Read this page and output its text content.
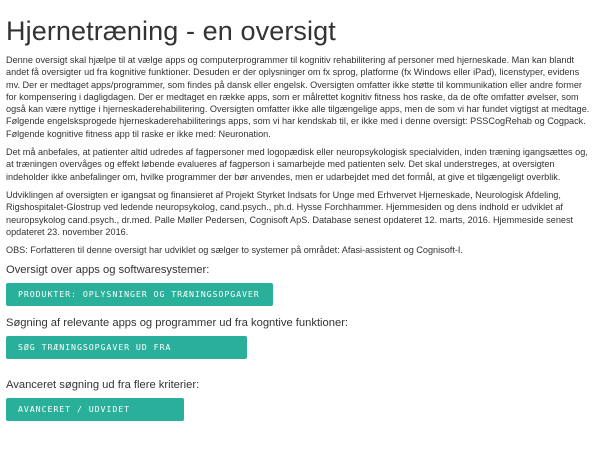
Hjernetræning - en oversigt

Denne oversigt skal hjælpe til at vælge apps og computerprogrammer til kognitiv rehabilitering af personer med hjerneskade. Man kan blandt andet få oversigter ud fra kognitive funktioner. Desuden er der oplysninger om fx sprog, platforme (fx Windows eller iPad), licenstyper, evidens mv. Der er medtaget apps/programmer, som findes på dansk eller engelsk. Oversigten omfatter ikke støtte til kommunikation eller andre former for kompensering i dagligdagen. Der er medtaget en række apps, som er målrettet kognitiv fitness hos raske, da de ofte omfatter øvelser, som også kan være nyttige i hjerneskaderehabilitering. Oversigten omfatter ikke alle tilgængelige apps, men de som vi har fundet vigtigst at medtage. Følgende engelsksprogede hjerneskaderehabiliterings apps, som vi har kendskab til, er ikke med i denne oversigt: PSSCogRehab og Cogpack. Følgende kognitive fitness app til raske er ikke med: Neuronation.

Det må anbefales, at patienter altid udredes af fagpersoner med logopædisk eller neuropsykologisk specialviden, inden træning igangsættes og, at træningen overvåges og effekt løbende evalueres af fagperson i samarbejde med patienten selv. Det skal understreges, at oversigten indeholder ikke anbefalinger om, hvilke programmer der bør anvendes, men er udarbejdet med det formål, at give et tilgængeligt overblik.

Udviklingen af oversigten er igangsat og finansieret af Projekt Styrket Indsats for Unge med Erhvervet Hjerneskade, Neurologisk Afdeling, Rigshospitalet-Glostrup ved ledende neuropsykolog, cand.psych., ph.d. Hysse Forchhammer. Hjemmesiden og dens indhold er udviklet af neuropsykolog cand.psych., dr.med. Palle Møller Pedersen, Cognisoft ApS. Database senest opdateret 12. marts, 2016. Hjemmeside senest opdateret 23. november 2016.

OBS: Forfatteren til denne oversigt har udviklet og sælger to systemer på området: Afasi-assistent og Cognisoft-I.

Oversigt over apps og softwaresystemer:
PRODUKTER: OPLYSNINGER OG TRÆNINGSOPGAVER
Søgning af relevante apps og programmer ud fra kogntive funktioner:
SØG TRÆNINGSOPGAVER UD FRA FUNKTIONER
Avanceret søgning ud fra flere kriterier:
AVANCERET / UDVIDET SØGNING
